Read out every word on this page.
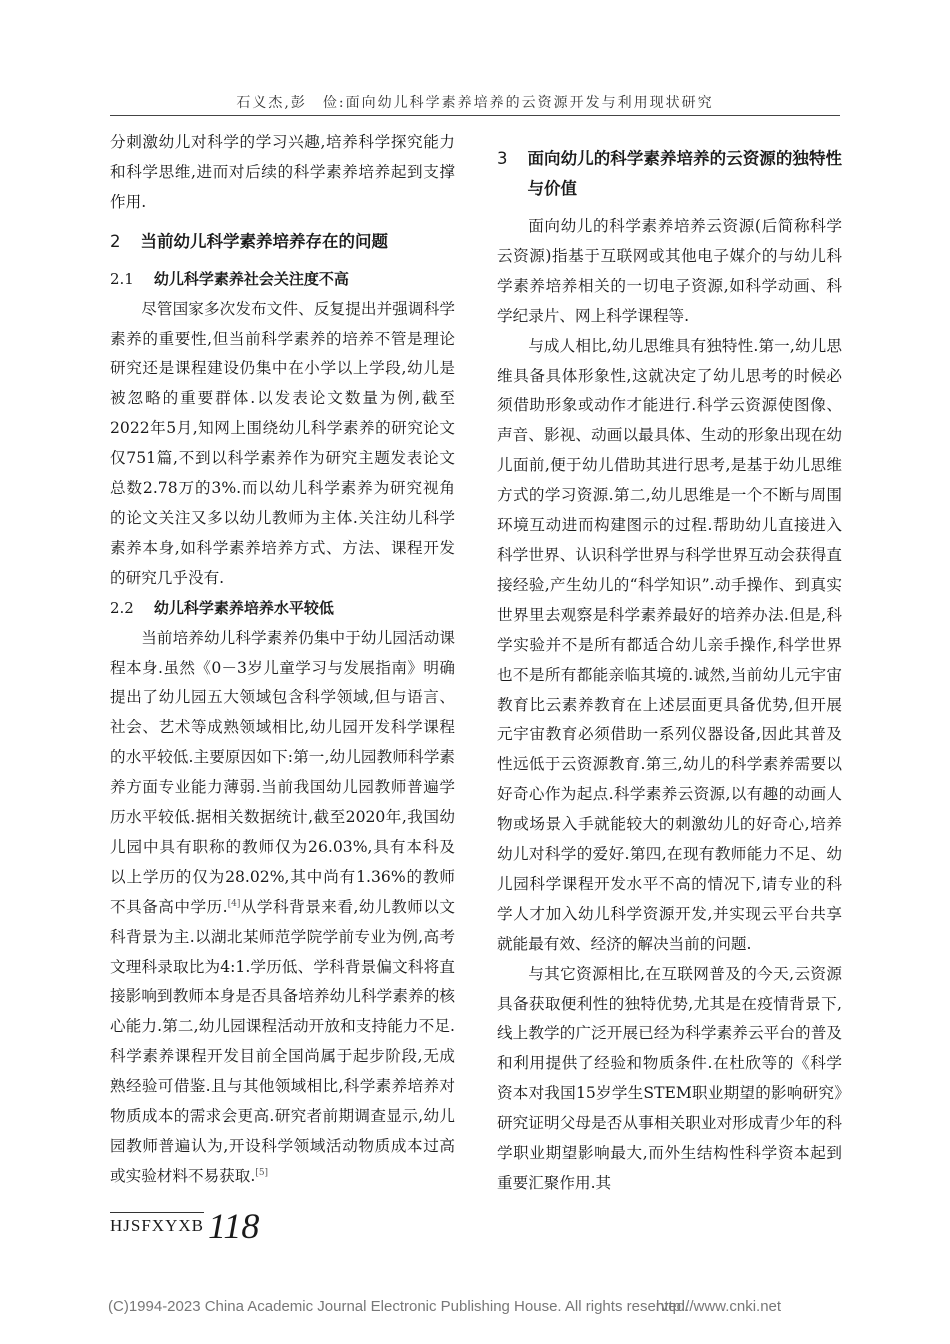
石义杰,彭　俭:面向幼儿科学素养培养的云资源开发与利用现状研究

分刺激幼儿对科学的学习兴趣,培养科学探究能力和科学思维,进而对后续的科学素养培养起到支撑作用.

2 当前幼儿科学素养培养存在的问题
2.1 幼儿科学素养社会关注度不高

尽管国家多次发布文件、反复提出并强调科学素养的重要性,但当前科学素养的培养不管是理论研究还是课程建设仍集中在小学以上学段,幼儿是被忽略的重要群体.以发表论文数量为例,截至2022年5月,知网上围绕幼儿科学素养的研究论文仅751篇,不到以科学素养作为研究主题发表论文总数2.78万的3%.而以幼儿科学素养为研究视角的论文关注又多以幼儿教师为主体.关注幼儿科学素养本身,如科学素养培养方式、方法、课程开发的研究几乎没有.

2.2 幼儿科学素养培养水平较低

当前培养幼儿科学素养仍集中于幼儿园活动课程本身.虽然《0－3岁儿童学习与发展指南》明确提出了幼儿园五大领域包含科学领域,但与语言、社会、艺术等成熟领域相比,幼儿园开发科学课程的水平较低.主要原因如下:第一,幼儿园教师科学素养方面专业能力薄弱.当前我国幼儿园教师普遍学历水平较低.据相关数据统计,截至2020年,我国幼儿园中具有职称的教师仅为26.03%,具有本科及以上学历的仅为28.02%,其中尚有1.36%的教师不具备高中学历.[4]从学科背景来看,幼儿教师以文科背景为主.以湖北某师范学院学前专业为例,高考文理科录取比为4:1.学历低、学科背景偏文科将直接影响到教师本身是否具备培养幼儿科学素养的核心能力.第二,幼儿园课程活动开放和支持能力不足.科学素养课程开发目前全国尚属于起步阶段,无成熟经验可借鉴.且与其他领域相比,科学素养培养对物质成本的需求会更高.研究者前期调查显示,幼儿园教师普遍认为,开设科学领域活动物质成本过高或实验材料不易获取.[5]

3 面向幼儿的科学素养培养的云资源的独特性与价值

面向幼儿的科学素养培养云资源(后简称科学云资源)指基于互联网或其他电子媒介的与幼儿科学素养培养相关的一切电子资源,如科学动画、科学纪录片、网上科学课程等.

与成人相比,幼儿思维具有独特性.第一,幼儿思维具备具体形象性,这就决定了幼儿思考的时候必须借助形象或动作才能进行.科学云资源使图像、声音、影视、动画以最具体、生动的形象出现在幼儿面前,便于幼儿借助其进行思考,是基于幼儿思维方式的学习资源.第二,幼儿思维是一个不断与周围环境互动进而构建图示的过程.帮助幼儿直接进入科学世界、认识科学世界与科学世界互动会获得直接经验,产生幼儿的“科学知识”.动手操作、到真实世界里去观察是科学素养最好的培养办法.但是,科学实验并不是所有都适合幼儿亲手操作,科学世界也不是所有都能亲临其境的.诚然,当前幼儿元宇宙教育比云素养教育在上述层面更具备优势,但开展元宇宙教育必须借助一系列仪器设备,因此其普及性远低于云资源教育.第三,幼儿的科学素养需要以好奇心作为起点.科学素养云资源,以有趣的动画人物或场景入手就能较大的刺激幼儿的好奇心,培养幼儿对科学的爱好.第四,在现有教师能力不足、幼儿园科学课程开发水平不高的情况下,请专业的科学人才加入幼儿科学资源开发,并实现云平台共享就能最有效、经济的解决当前的问题.

与其它资源相比,在互联网普及的今天,云资源具备获取便利性的独特优势,尤其是在疫情背景下,线上教学的广泛开展已经为科学素养云平台的普及和利用提供了经验和物质条件.在杜欣等的《科学资本对我国15岁学生STEM职业期望的影响研究》研究证明父母是否从事相关职业对形成青少年的科学职业期望影响最大,而外生结构性科学资本起到重要汇聚作用.其

HJSFXYXB 118
(C)1994-2023 China Academic Journal Electronic Publishing House. All rights reserved.
http://www.cnki.net
